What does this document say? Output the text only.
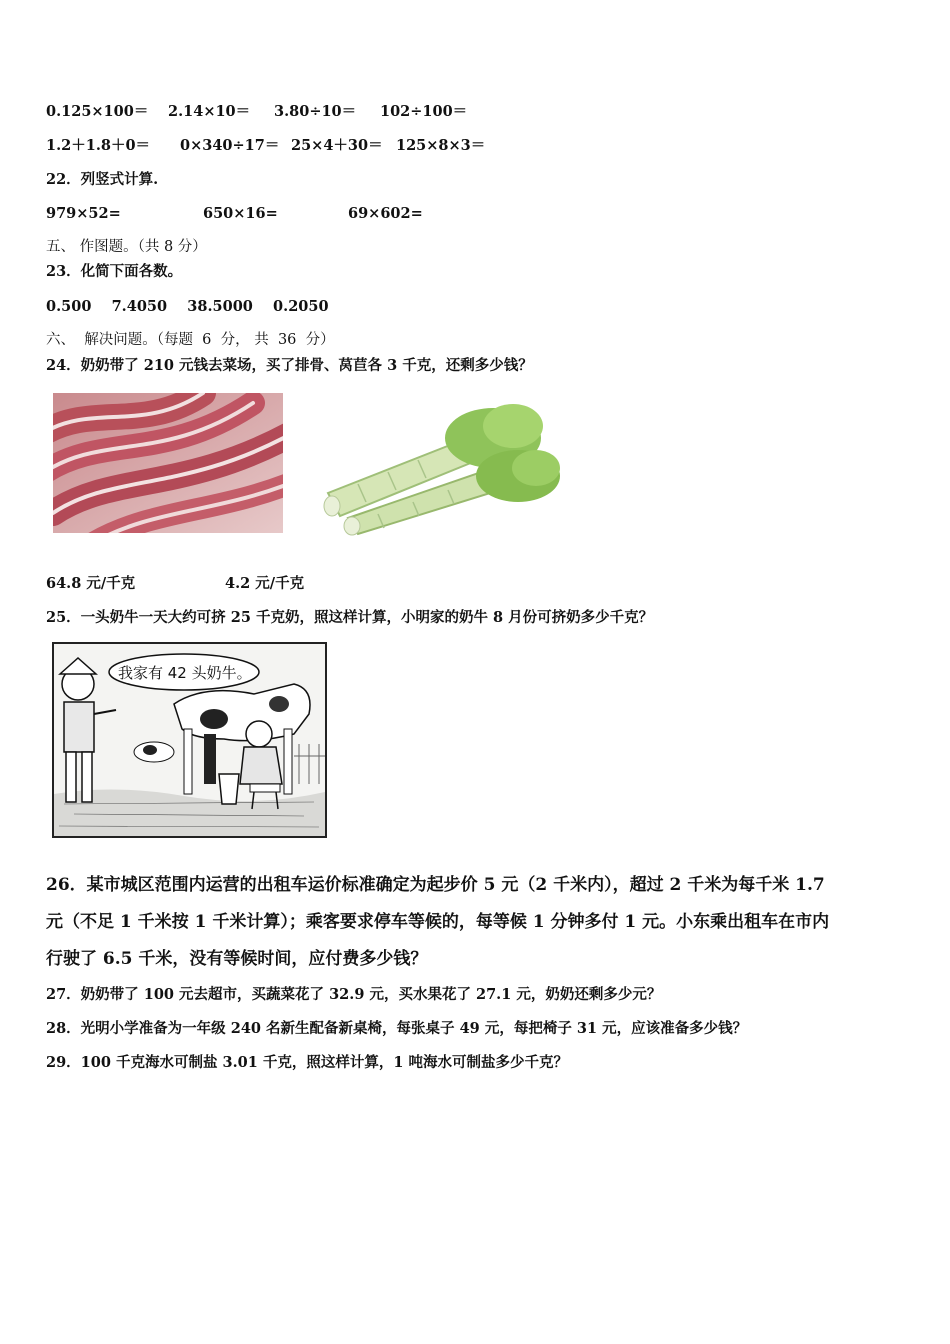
0.125×100＝ 2.14×10＝ 3.80÷10＝ 102÷100＝
1.2＋1.8＋0＝ 0×340÷17＝ 25×4＋30＝ 125×8×3＝
22．列竖式计算.
979×52=	650×16=	69×602=
五、 作图题。（共 8 分）
23．化简下面各数。
0.500    7.4050    38.5000    0.2050
六、  解决问题。（每题  6  分， 共  36  分）
24．奶奶带了 210 元钱去菜场，买了排骨、莴苣各 3 千克，还剩多少钱？
64.8 元/千克	4.2 元/千克
25．一头奶牛一天大约可挤 25 千克奶，照这样计算，小明家的奶牛 8 月份可挤奶多少千克？
我家有 42 头奶牛。
26．某市城区范围内运营的出租车运价标准确定为起步价 5 元（2 千米内），超过 2 千米为每千米 1.7
元（不足 1 千米按 1 千米计算）；乘客要求停车等候的，每等候 1 分钟多付 1 元。小东乘出租车在市内
行驶了 6.5 千米，没有等候时间，应付费多少钱？
27．奶奶带了 100 元去超市，买蔬菜花了 32.9 元，买水果花了 27.1 元，奶奶还剩多少元？
28．光明小学准备为一年级 240 名新生配备新桌椅，每张桌子 49 元，每把椅子 31 元，应该准备多少钱？
29．100 千克海水可制盐 3.01 千克，照这样计算，1 吨海水可制盐多少千克？
